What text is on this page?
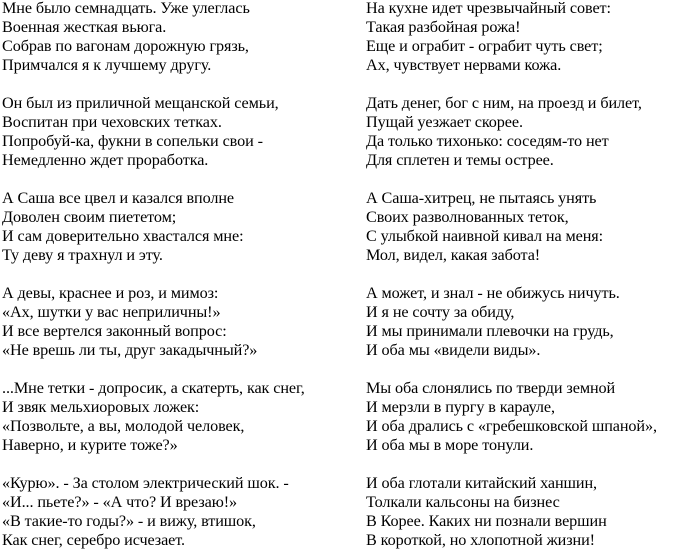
Мне было семнадцать. Уже улеглась
Военная жесткая вьюга.
Собрав по вагонам дорожную грязь,
Примчался я к лучшему другу.
Он был из приличной мещанской семьи,
Воспитан при чеховских тетках.
Попробуй-ка, фукни в сопельки свои -
Немедленно ждет проработка.
А Саша все цвел и казался вполне
Доволен своим пиететом;
И сам доверительно хвастался мне:
Ту деву я трахнул и эту.
А девы, краснее и роз, и мимоз:
«Ах, шутки у вас неприличны!»
И все вертелся законный вопрос:
«Не врешь ли ты, друг закадычный?»
...Мне тетки - допросик, а скатерть, как снег,
И звяк мельхиоровых ложек:
«Позвольте, а вы, молодой человек,
Наверно, и курите тоже?»
«Курю». - За столом электрический шок. -
«И... пьете?» - «А что? И врезаю!»
«В такие-то годы?» - и вижу, втишок,
Как снег, серебро исчезает.
На кухне идет чрезвычайный совет:
Такая разбойная рожа!
Еще и ограбит - ограбит чуть свет;
Ах, чувствует нервами кожа.
Дать денег, бог с ним, на проезд и билет,
Пущай уезжает скорее.
Да только тихонько: соседям-то нет
Для сплетен и темы острее.
А Саша-хитрец, не пытаясь унять
Своих разволнованных теток,
С улыбкой наивной кивал на меня:
Мол, видел, какая забота!
А может, и знал - не обижусь ничуть.
И я не сочту за обиду,
И мы принимали плевочки на грудь,
И оба мы «видели виды».
Мы оба слонялись по тверди земной
И мерзли в пургу в карауле,
И оба дрались с «гребешковской шпаной»,
И оба мы в море тонули.
И оба глотали китайский ханшин,
Толкали кальсоны на бизнес
В Корее. Каких ни познали вершин
В короткой, но хлопотной жизни!
